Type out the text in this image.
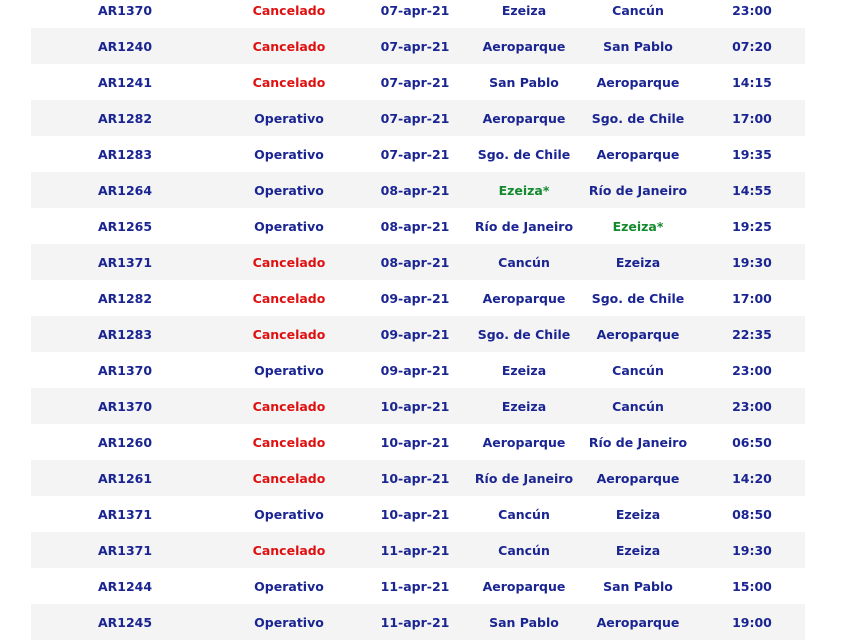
AR1370	Cancelado	07-apr-21	Ezeiza	Cancún	23:00
AR1240	Cancelado	07-apr-21	Aeroparque	San Pablo	07:20
AR1241	Cancelado	07-apr-21	San Pablo	Aeroparque	14:15
AR1282	Operativo	07-apr-21	Aeroparque	Sgo. de Chile	17:00
AR1283	Operativo	07-apr-21	Sgo. de Chile	Aeroparque	19:35
AR1264	Operativo	08-apr-21	Ezeiza*	Río de Janeiro	14:55
AR1265	Operativo	08-apr-21	Río de Janeiro	Ezeiza*	19:25
AR1371	Cancelado	08-apr-21	Cancún	Ezeiza	19:30
AR1282	Cancelado	09-apr-21	Aeroparque	Sgo. de Chile	17:00
AR1283	Cancelado	09-apr-21	Sgo. de Chile	Aeroparque	22:35
AR1370	Operativo	09-apr-21	Ezeiza	Cancún	23:00
AR1370	Cancelado	10-apr-21	Ezeiza	Cancún	23:00
AR1260	Cancelado	10-apr-21	Aeroparque	Río de Janeiro	06:50
AR1261	Cancelado	10-apr-21	Río de Janeiro	Aeroparque	14:20
AR1371	Operativo	10-apr-21	Cancún	Ezeiza	08:50
AR1371	Cancelado	11-apr-21	Cancún	Ezeiza	19:30
AR1244	Operativo	11-apr-21	Aeroparque	San Pablo	15:00
AR1245	Operativo	11-apr-21	San Pablo	Aeroparque	19:00
